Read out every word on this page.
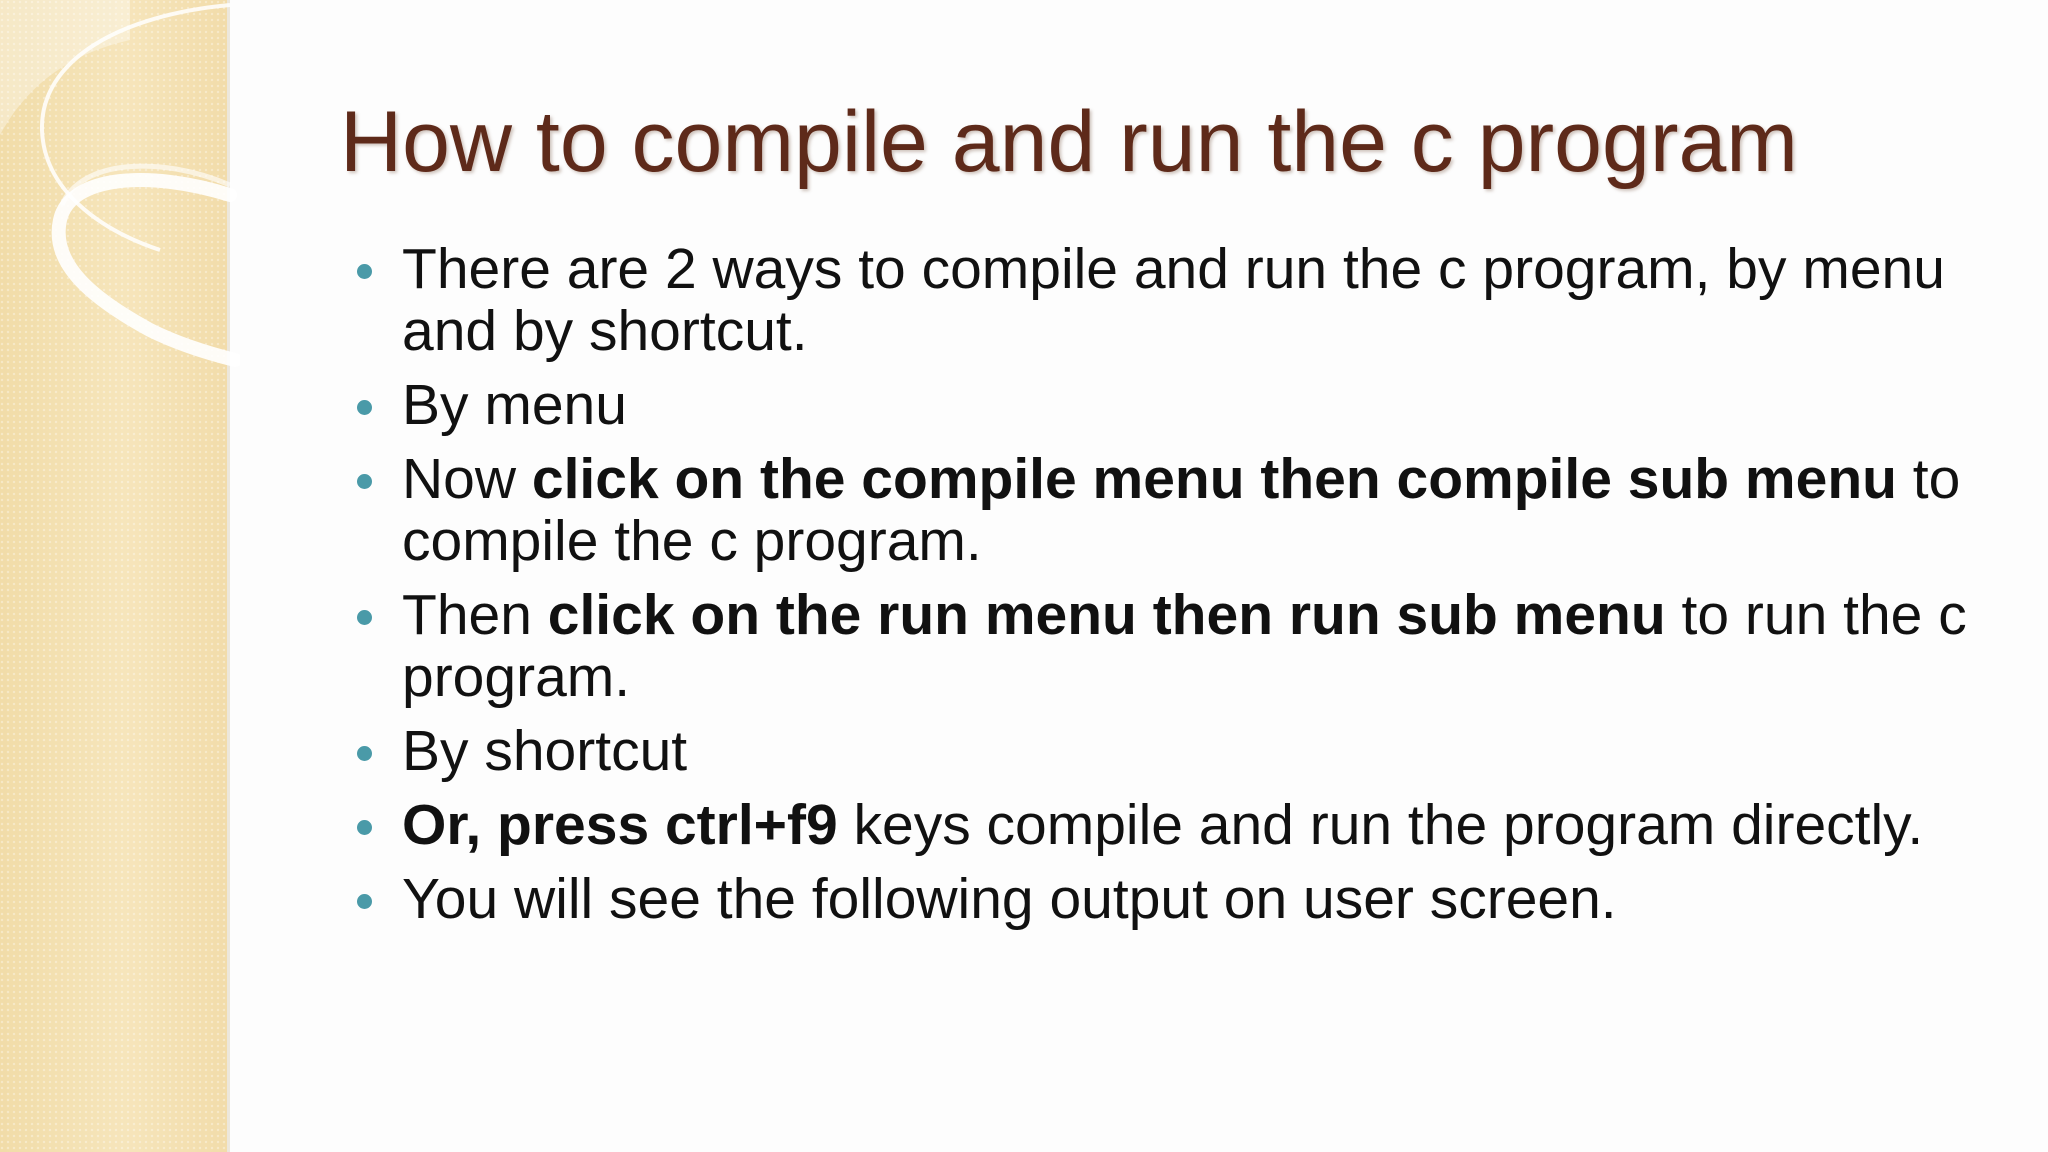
How to compile and run the c program
There are 2 ways to compile and run the c program, by menu and by shortcut.
By menu
Now click on the compile menu then compile sub menu to compile the c program.
Then click on the run menu then run sub menu to run the c program.
By shortcut
Or, press ctrl+f9 keys compile and run the program directly.
You will see the following output on user screen.
